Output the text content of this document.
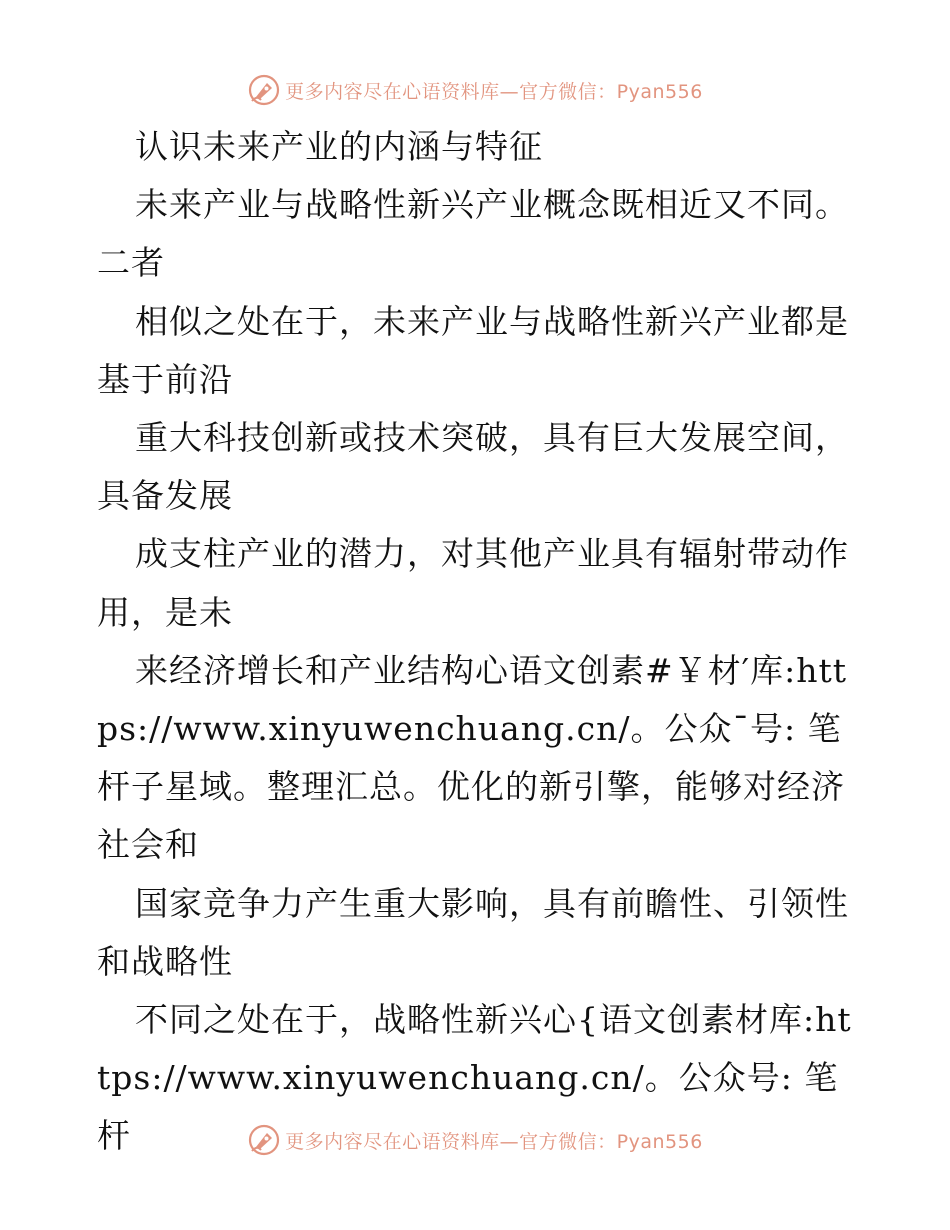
更多内容尽在心语资料库—官方微信：Pyan556

认识未来产业的内涵与特征

未来产业与战略性新兴产业概念既相近又不同。二者

相似之处在于，未来产业与战略性新兴产业都是基于前沿

重大科技创新或技术突破，具有巨大发展空间，具备发展

成支柱产业的潜力，对其他产业具有辐射带动作用，是未

来经济增长和产业结构心语文创素#￥材′库:https://www.xinyuwenchuang.cn/。公众¯号: 笔杆子星域。整理汇总。优化的新引擎，能够对经济社会和

国家竞争力产生重大影响，具有前瞻性、引领性和战略性

不同之处在于，战略性新兴心{语文创素材库:https://www.xinyuwenchuang.cn/。公众号: 笔杆	更多内容尽在心语资料库—官方微信：Pyan556
